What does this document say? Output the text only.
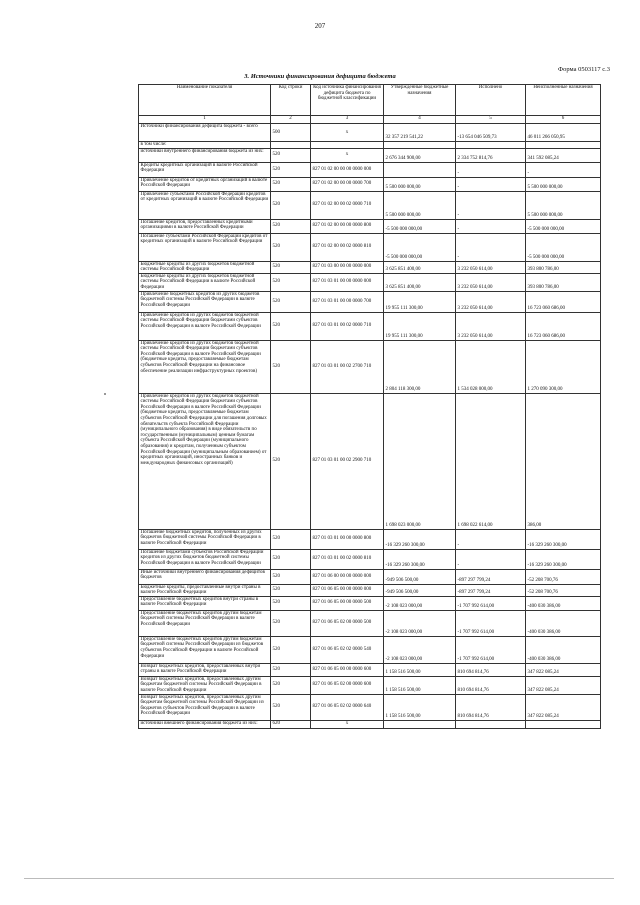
207
Форма 0503117 с.3
3. Источники финансирования дефицита бюджета
Наименование показателя	Код строки	Код источника финансирования дефицита бюджета по бюджетной классификации	Утвержденные бюджетные назначения	Исполнено	Неисполненные назначения
1	2	3	4	5	6
Источники финансирования дефицита бюджета - всего	500	x	32 357 219 541,22	-13 654 046 509,73	46 011 266 050,95
в том числе:					
источники внутреннего финансирования бюджета из них:	520	x	2 676 344 900,00	2 334 752 814,76	341 592 085,24
Кредиты кредитных организаций в валюте Российской Федерации	520	827 01 02 00 00 00 0000 000		-	-
Привлечение кредитов от кредитных организаций в валюте Российской Федерации	520	827 01 02 00 00 00 0000 700	5 500 000 000,00	-	5 500 000 000,00
Привлечение субъектами Российской Федерации кредитов от кредитных организаций в валюте Российской Федерации	520	827 01 02 00 00 02 0000 710	5 500 000 000,00	-	5 500 000 000,00
Погашение кредитов, предоставленных кредитными организациями в валюте Российской Федерации	520	827 01 02 00 00 00 0000 800	-5 500 000 000,00	-	-5 500 000 000,00
Погашение субъектами Российской Федерации кредитов от кредитных организаций в валюте Российской Федерации	520	827 01 02 00 00 02 0000 810	-5 500 000 000,00	-	-5 500 000 000,00
Бюджетные кредиты из других бюджетов бюджетной системы Российской Федерации	520	827 01 03 00 00 00 0000 000	3 625 851 400,00	3 232 050 614,00	393 800 786,00
Бюджетные кредиты из других бюджетов бюджетной системы Российской Федерации в валюте Российской Федерации	520	827 01 03 01 00 00 0000 000	3 625 851 400,00	3 232 050 614,00	393 800 786,00
Привлечение бюджетных кредитов из других бюджетов бюджетной системы Российской Федерации в валюте Российской Федерации	520	827 01 03 01 00 00 0000 700	19 955 111 300,00	3 232 050 614,00	16 723 060 686,00
Привлечение кредитов из других бюджетов бюджетной системы Российской Федерации бюджетами субъектов Российской Федерации в валюте Российской Федерации	520	827 01 03 01 00 02 0000 710	19 955 111 300,00	3 232 050 614,00	16 723 060 686,00
Привлечение кредитов из других бюджетов бюджетной системы Российской Федерации бюджетами субъектов Российской Федерации в валюте Российской Федерации (бюджетные кредиты, предоставляемые бюджетам субъектов Российской Федерации на финансовое обеспечение реализации инфраструктурных проектов)	520	827 01 03 01 00 02 2700 710	2 804 118 300,00	1 534 028 000,00	1 270 090 300,00
Привлечение кредитов из других бюджетов бюджетной системы Российской Федерации бюджетами субъектов Российской Федерации в валюте Российской Федерации (бюджетные кредиты, предоставляемые бюджетам субъектов Российской Федерации для погашения долговых обязательств субъекта Российской Федерации (муниципального образования) в виде обязательств по государственным (муниципальным) ценным бумагам субъекта Российской Федерации (муниципального образования) и кредитам, полученным субъектом Российской Федерации (муниципальным образованием) от кредитных организаций, иностранных банков и международных финансовых организаций)	520	827 01 03 01 00 02 2900 710	1 698 023 000,00	1 698 022 614,00	386,00
Погашение бюджетных кредитов, полученных из других бюджетов бюджетной системы Российской Федерации в валюте Российской Федерации	520	827 01 03 01 00 00 0000 800	-16 329 260 300,00	-	-16 329 260 300,00
Погашение бюджетами субъектов Российской Федерации кредитов из других бюджетов бюджетной системы Российской Федерации в валюте Российской Федерации	520	827 01 03 01 00 02 0000 810	-16 329 260 300,00	-	-16 329 260 300,00
Иные источники внутреннего финансирования дефицитов бюджетов	520	827 01 06 00 00 00 0000 000	-949 506 500,00	-897 297 799,24	-52 208 700,76
Бюджетные кредиты, предоставленные внутри страны в валюте Российской Федерации	520	827 01 06 05 00 00 0000 000	-949 506 500,00	-897 297 799,24	-52 208 700,76
Предоставление бюджетных кредитов внутри страны в валюте Российской Федерации	520	827 01 06 05 00 00 0000 500	-2 108 023 000,00	-1 707 992 614,00	-400 030 386,00
Предоставление бюджетных кредитов другим бюджетам бюджетной системы Российской Федерации в валюте Российской Федерации	520	827 01 06 05 02 00 0000 500	-2 108 023 000,00	-1 707 992 614,00	-400 030 386,00
Предоставление бюджетных кредитов другим бюджетам бюджетной системы Российской Федерации из бюджетов субъектов Российской Федерации в валюте Российской Федерации	520	827 01 06 05 02 02 0000 540	-2 108 023 000,00	-1 707 992 614,00	-400 030 386,00
Возврат бюджетных кредитов, предоставленных внутри страны в валюте Российской Федерации	520	827 01 06 05 00 00 0000 600	1 158 516 500,00	810 694 814,76	347 822 085,24
Возврат бюджетных кредитов, предоставленных другим бюджетам бюджетной системы Российской Федерации в валюте Российской Федерации	520	827 01 06 05 02 00 0000 600	1 158 516 500,00	810 694 814,76	347 822 085,24
Возврат бюджетных кредитов, предоставленных другим бюджетам бюджетной системы Российской Федерации из бюджетов субъектов Российской Федерации в валюте Российской Федерации	520	827 01 06 05 02 02 0000 640	1 158 516 500,00	810 694 814,76	347 822 085,24
источники внешнего финансирования бюджета из них:	620	x			
